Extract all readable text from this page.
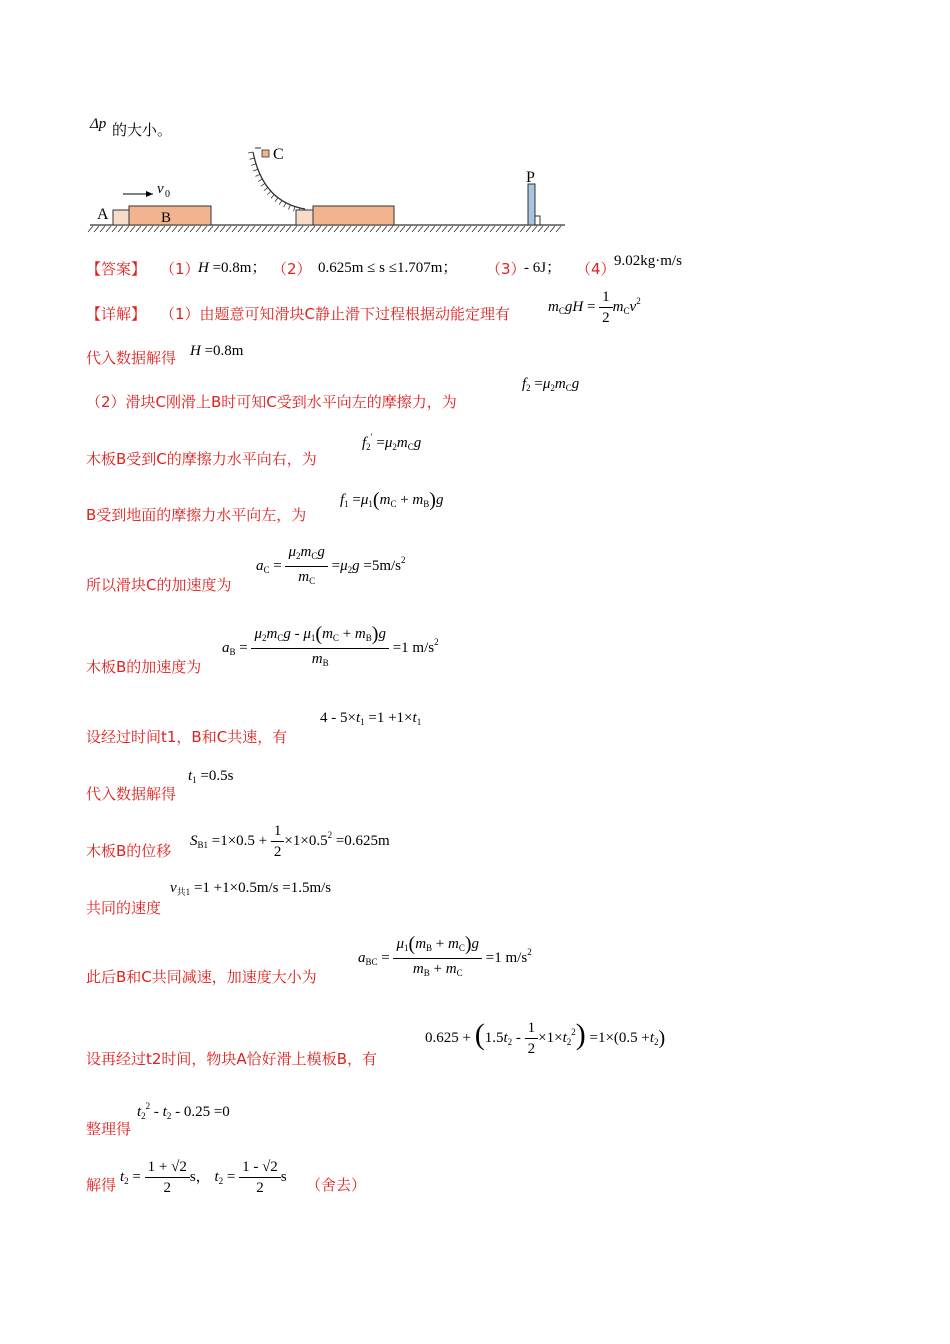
Δp 的大小。
v 0
A	B
C
P
【答案】 （1）
H =0.8m； （2） 0.625m ≤ s ≤1.707m； （3）
- 6J； （4）
9.02kg·m/s
【详解】 （1）由题意可知滑块C静止滑下过程根据动能定理有	$m_CgH = \frac{1}{2} m_Cv^2$
代入数据解得 H =0.8m
（2）滑块C刚滑上B时可知C受到水平向左的摩擦力，为
$f_2 =\mu_2m_Cg$
木板B受到C的摩擦力水平向右，为
$f_2' =\mu_2m_Cg$
B受到地面的摩擦力水平向左，为
$f_1 =\mu_1(m_C + m_B)g$
所以滑块C的加速度为
$a_C = \frac{\mu_2m_Cg}{m_C} =\mu_2g =5m/s^2$
木板B的加速度为
$a_B = \frac{\mu_2m_Cg - \mu_1(m_C + m_B)g}{m_B} =1$ $m/s^2$
设经过时间t1，B和C共速，有
$4 - 5\times t_1 =1 +1\times t_1$
代入数据解得
$t_1 =0.5s$
木板B的位移
$S_{B1} =1\times 0.5 + \frac{1}{2} \times 1\times 0.5^2 =0.625m$
共同的速度
$v_{共1} =1 +1\times 0.5m/s =1.5m/s$
此后B和C共同减速，加速度大小为
$a_{BC} = \frac{\mu_1(m_B + m_C)g}{m_B + m_C} =1$ $m/s^2$
设再经过t2时间，物块A恰好滑上模板B，有
$0.625 + (1.5t_2 - \frac{1}{2} \times 1\times t_2^2) =1\times(0.5 +t_2)$
整理得
$t_2^2 - t_2 - 0.25 =0$
解得 $t_2 = \frac{1 + √2}{2}$ s， $t_2 = \frac{1 - √2}{2}$ s （舍去）
